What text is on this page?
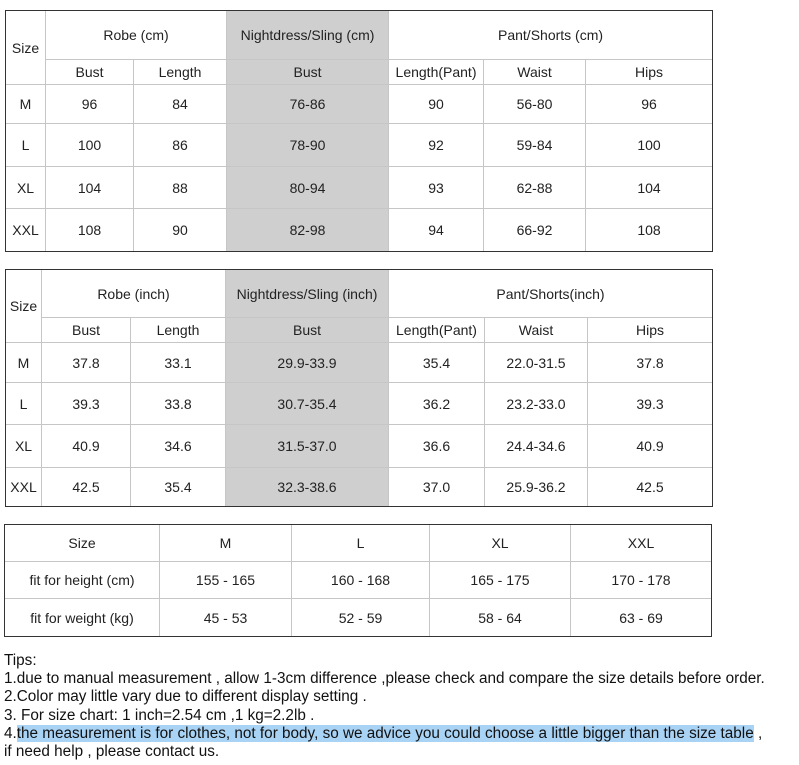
Size	Robe (cm)		Nightdress/Sling (cm)	Pant/Shorts (cm)		
	Bust	Length	Bust	Length(Pant)	Waist	Hips
M	96	84	76-86	90	56-80	96
L	100	86	78-90	92	59-84	100
XL	104	88	80-94	93	62-88	104
XXL	108	90	82-98	94	66-92	108
Size	Robe (inch)		Nightdress/Sling (inch)	Pant/Shorts(inch)		
	Bust	Length	Bust	Length(Pant)	Waist	Hips
M	37.8	33.1	29.9-33.9	35.4	22.0-31.5	37.8
L	39.3	33.8	30.7-35.4	36.2	23.2-33.0	39.3
XL	40.9	34.6	31.5-37.0	36.6	24.4-34.6	40.9
XXL	42.5	35.4	32.3-38.6	37.0	25.9-36.2	42.5
Size	M	L	XL	XXL
fit for height (cm)	155 - 165	160 - 168	165 - 175	170 - 178
fit for weight (kg)	45 - 53	52 - 59	58 - 64	63 - 69
Tips:
1.due to manual measurement , allow 1-3cm difference ,please check and compare the size details before order.
2.Color may little vary due to different display setting .
3. For size chart: 1 inch=2.54 cm ,1 kg=2.2lb .
4.the measurement is for clothes, not for body, so we advice you could choose a little bigger than the size table ,
if need help , please contact us.
